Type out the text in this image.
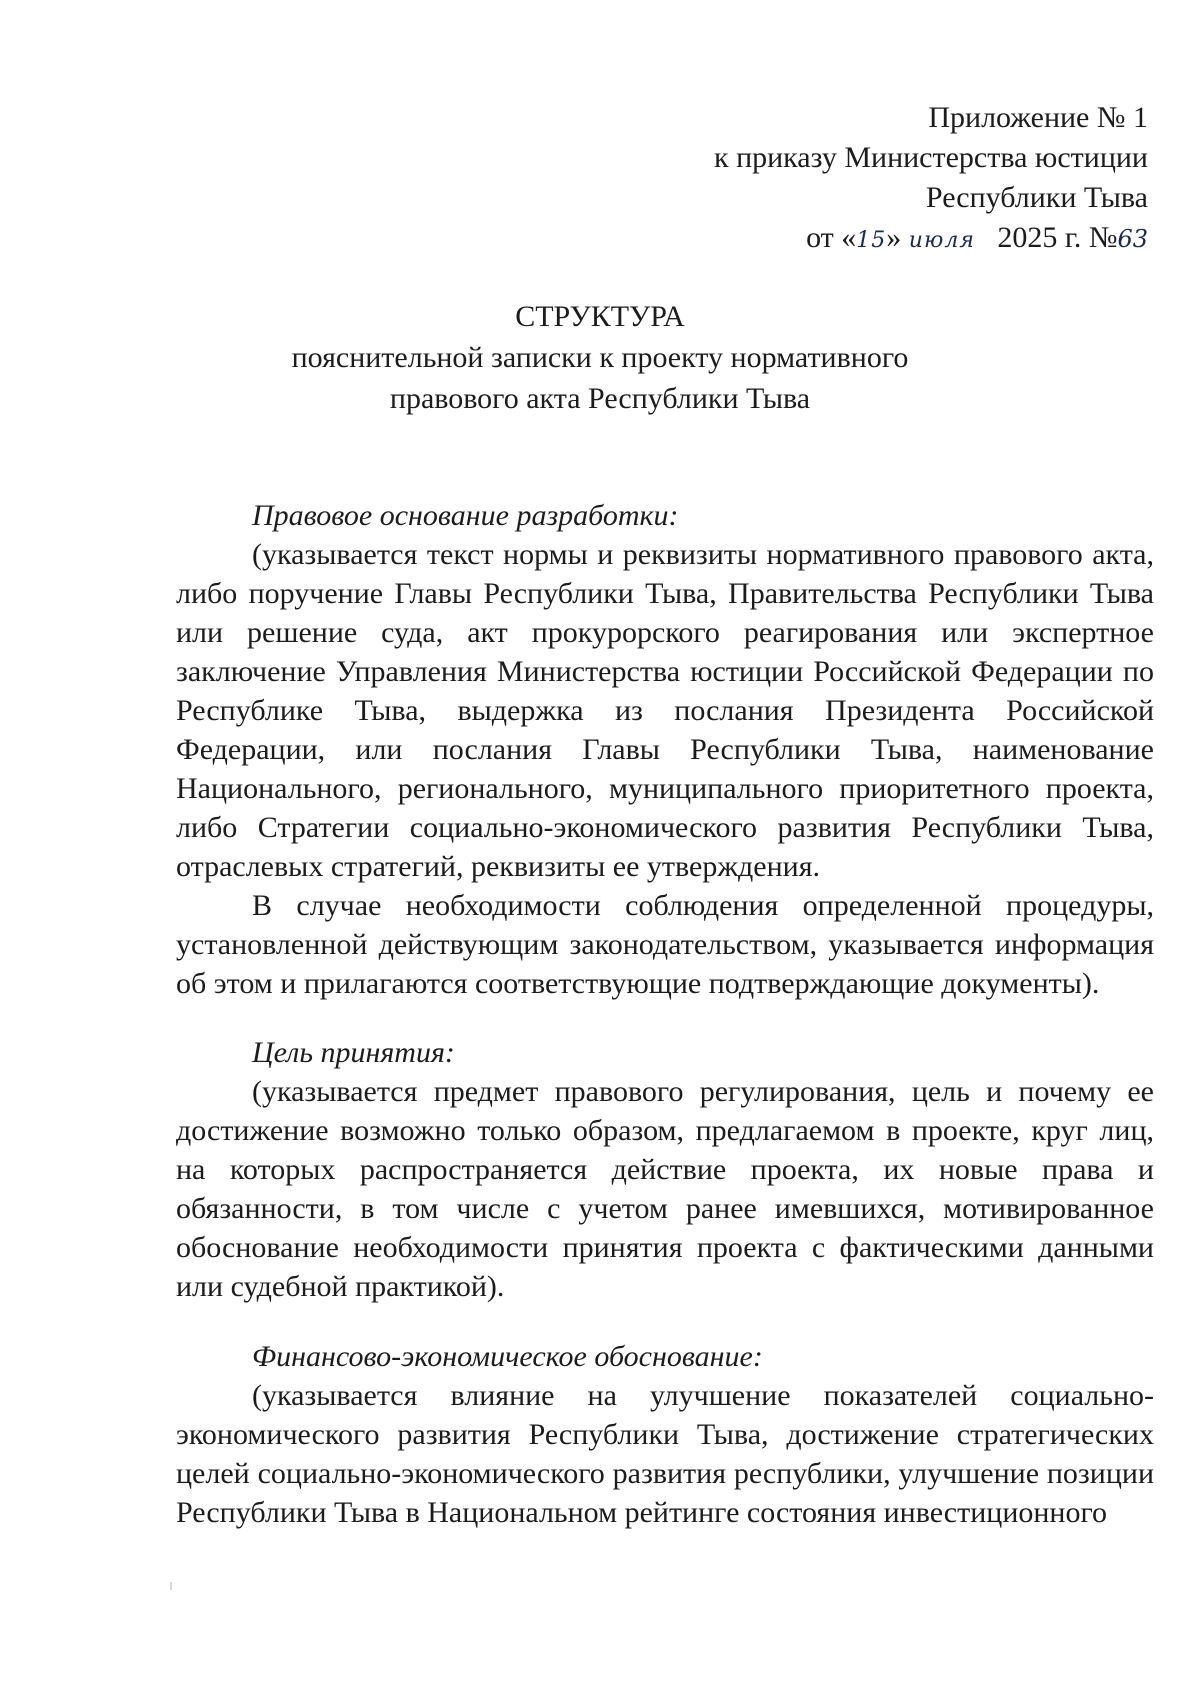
Приложение № 1
к приказу Министерства юстиции
Республики Тыва
от «15» июля 2025 г. №63
СТРУКТУРА
пояснительной записки к проекту нормативного
правового акта Республики Тыва

Правовое основание разработки:

(указывается текст нормы и реквизиты нормативного правового акта, либо поручение Главы Республики Тыва, Правительства Республики Тыва или решение суда, акт прокурорского реагирования или экспертное заключение Управления Министерства юстиции Российской Федерации по Республике Тыва, выдержка из послания Президента Российской Федерации, или послания Главы Республики Тыва, наименование Национального, регионального, муниципального приоритетного проекта, либо Стратегии социально-экономического развития Республики Тыва, отраслевых стратегий, реквизиты ее утверждения.

В случае необходимости соблюдения определенной процедуры, установленной действующим законодательством, указывается информация об этом и прилагаются соответствующие подтверждающие документы).

Цель принятия:

(указывается предмет правового регулирования, цель и почему ее достижение возможно только образом, предлагаемом в проекте, круг лиц, на которых распространяется действие проекта, их новые права и обязанности, в том числе с учетом ранее имевшихся, мотивированное обоснование необходимости принятия проекта с фактическими данными или судебной практикой).

Финансово-экономическое обоснование:

(указывается влияние на улучшение показателей социально-экономического развития Республики Тыва, достижение стратегических целей социально-экономического развития республики, улучшение позиции Республики Тыва в Национальном рейтинге состояния инвестиционного
